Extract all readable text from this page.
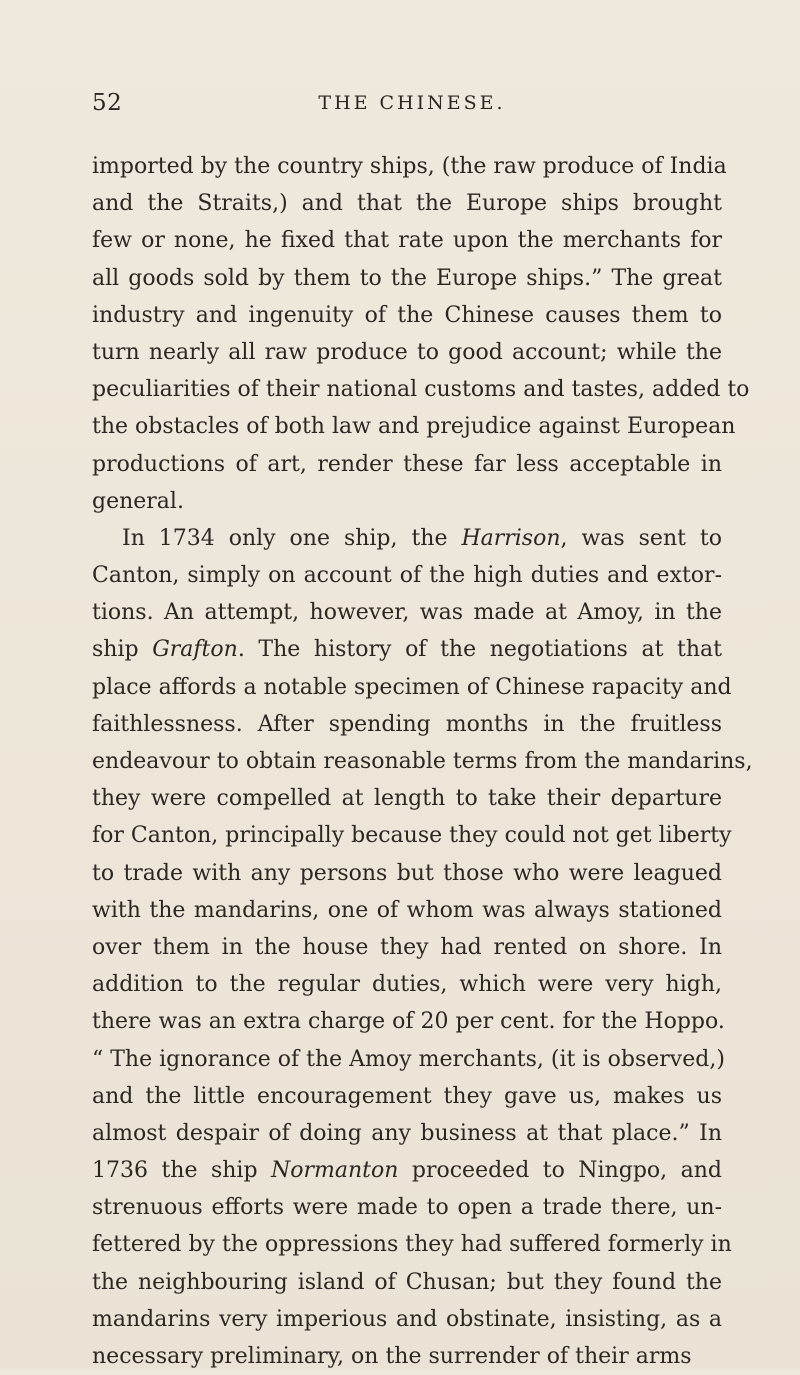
52	THE CHINESE.
imported by the country ships, (the raw produce of India
and the Straits,) and that the Europe ships brought
few or none, he fixed that rate upon the merchants for
all goods sold by them to the Europe ships.” The great
industry and ingenuity of the Chinese causes them to
turn nearly all raw produce to good account; while the
peculiarities of their national customs and tastes, added to
the obstacles of both law and prejudice against European
productions of art, render these far less acceptable in
general.
In 1734 only one ship, the Harrison, was sent to
Canton, simply on account of the high duties and extor-
tions. An attempt, however, was made at Amoy, in the
ship Grafton. The history of the negotiations at that
place affords a notable specimen of Chinese rapacity and
faithlessness. After spending months in the fruitless
endeavour to obtain reasonable terms from the mandarins,
they were compelled at length to take their departure
for Canton, principally because they could not get liberty
to trade with any persons but those who were leagued
with the mandarins, one of whom was always stationed
over them in the house they had rented on shore. In
addition to the regular duties, which were very high,
there was an extra charge of 20 per cent. for the Hoppo.
“ The ignorance of the Amoy merchants, (it is observed,)
and the little encouragement they gave us, makes us
almost despair of doing any business at that place.” In
1736 the ship Normanton proceeded to Ningpo, and
strenuous efforts were made to open a trade there, un-
fettered by the oppressions they had suffered formerly in
the neighbouring island of Chusan; but they found the
mandarins very imperious and obstinate, insisting, as a
necessary preliminary, on the surrender of their arms
